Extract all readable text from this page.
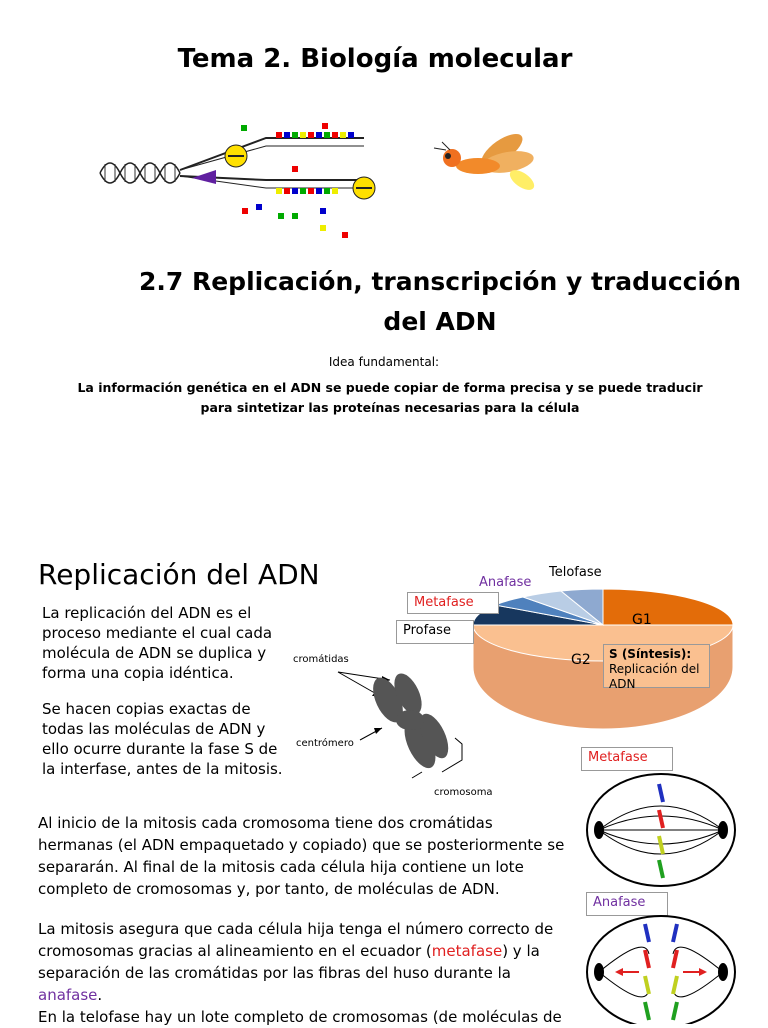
Tema 2. Biología molecular
2.7 Replicación, transcripción y traducción
del ADN
Idea fundamental:
La información genética en el ADN se puede copiar de forma precisa y se puede traducir para sintetizar las proteínas necesarias para la célula
Replicación del ADN
La replicación del ADN es el proceso mediante el cual cada molécula de ADN se duplica y forma una copia idéntica.
Se hacen copias exactas de todas las moléculas de ADN y ello ocurre durante la fase S de la interfase, antes de la mitosis.
cromátidas
centrómero
cromosoma
Telofase
Anafase
Metafase
Profase
G1
G2 S (Síntesis):
Replicación del ADN
Metafase
Anafase
Al inicio de la mitosis cada cromosoma tiene dos cromátidas hermanas (el ADN empaquetado y copiado) que se posteriormente se separarán. Al final de la mitosis cada célula hija contiene un lote completo de cromosomas y, por tanto, de moléculas de ADN.
La mitosis asegura que cada célula hija tenga el número correcto de cromosomas gracias al alineamiento en el ecuador (metafase) y la separación de las cromátidas por las fibras del huso durante la anafase.
En la telofase hay un lote completo de cromosomas (de moléculas de
